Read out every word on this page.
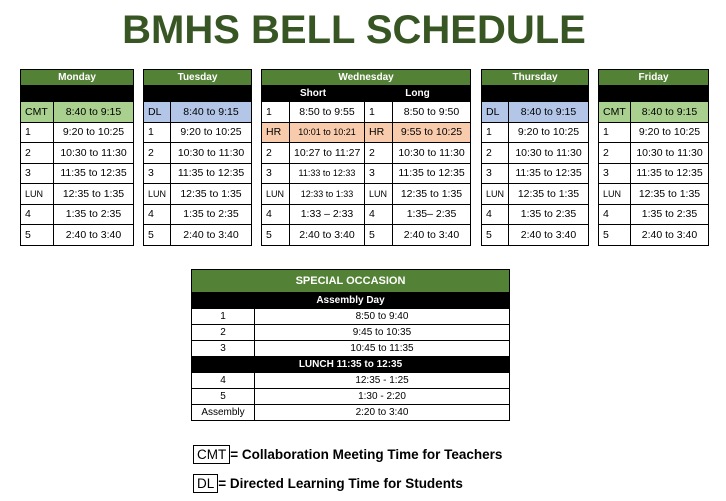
BMHS BELL SCHEDULE
Monday	

CMT	8:40 to 9:15
1	9:20 to 10:25
2	10:30 to 11:30
3	11:35 to 12:35
LUN	12:35 to 1:35
4	1:35 to 2:35
5	2:40 to 3:40
Tuesday	

DL	8:40 to 9:15
1	9:20 to 10:25
2	10:30 to 11:30
3	11:35 to 12:35
LUN	12:35 to 1:35
4	1:35 to 2:35
5	2:40 to 3:40
Wednesday			
Short		Long	
1	8:50 to 9:55	1	8:50 to 9:50
HR	10:01 to 10:21	HR	9:55 to 10:25
2	10:27 to 11:27	2	10:30 to 11:30
3	11:33 to 12:33	3	11:35 to 12:35
LUN	12:33 to 1:33	LUN	12:35 to 1:35
4	1:33 – 2:33	4	1:35– 2:35
5	2:40 to 3:40	5	2:40 to 3:40
Thursday	

DL	8:40 to 9:15
1	9:20 to 10:25
2	10:30 to 11:30
3	11:35 to 12:35
LUN	12:35 to 1:35
4	1:35 to 2:35
5	2:40 to 3:40
Friday	

CMT	8:40 to 9:15
1	9:20 to 10:25
2	10:30 to 11:30
3	11:35 to 12:35
LUN	12:35 to 1:35
4	1:35 to 2:35
5	2:40 to 3:40
SPECIAL OCCASION	
Assembly Day	
1	8:50 to 9:40
2	9:45 to 10:35
3	10:45 to 11:35
LUNCH 11:35 to 12:35	
4	12:35 - 1:25
5	1:30 - 2:20
Assembly	2:20 to 3:40
CMT = Collaboration Meeting Time for Teachers
DL = Directed Learning Time for Students
